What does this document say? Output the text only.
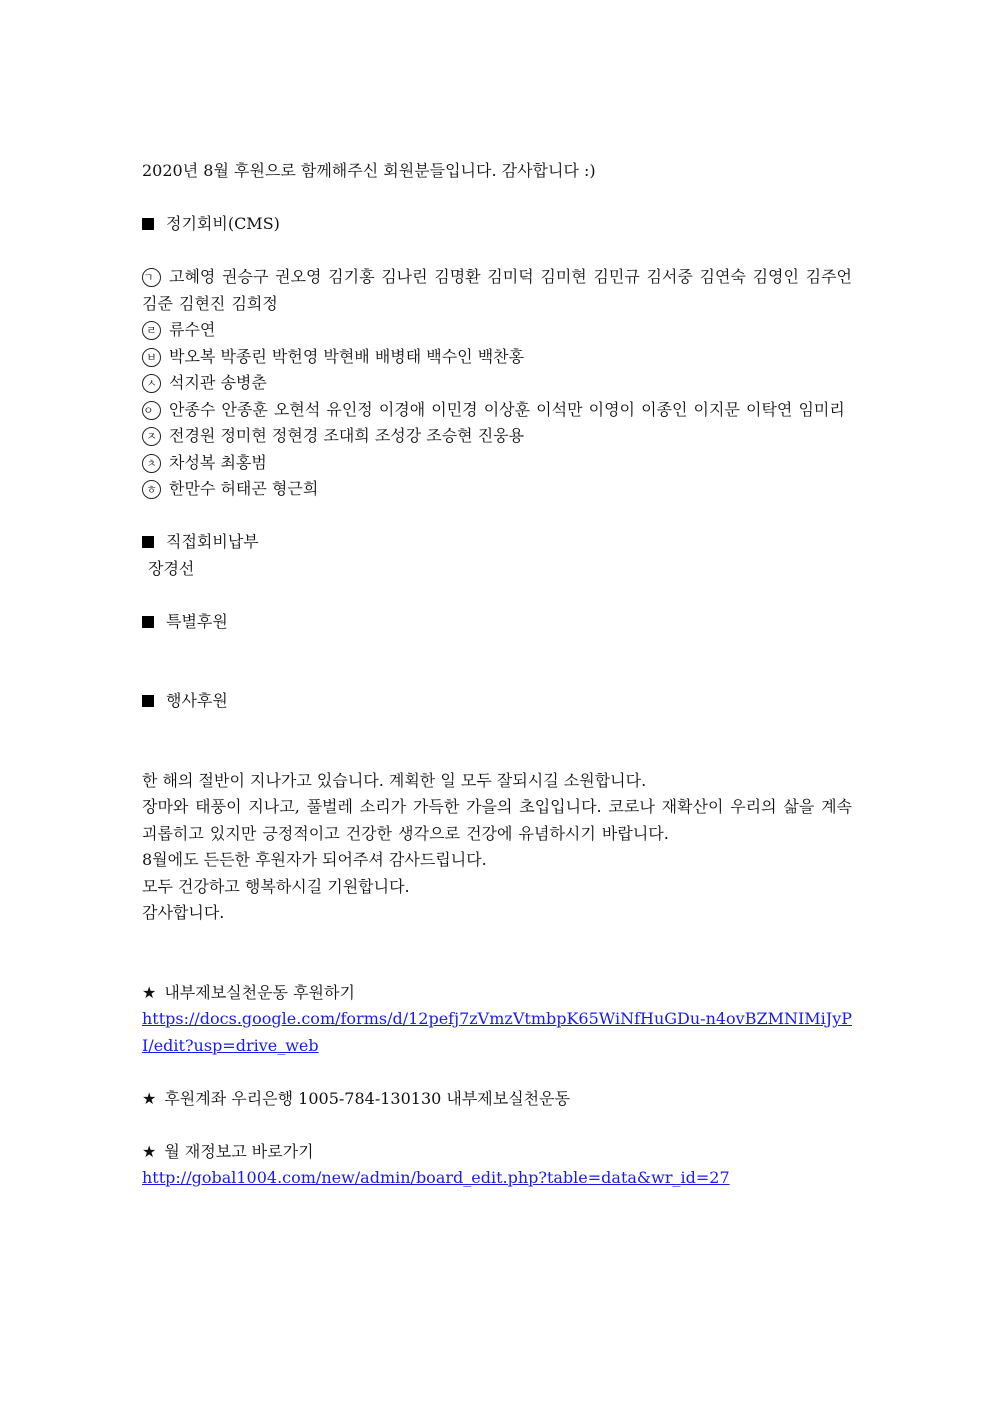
2020년 8월 후원으로 함께해주신 회원분들입니다. 감사합니다 :)
정기회비(CMS)
ㄱ 고혜영 권승구 권오영 김기홍 김나린 김명환 김미덕 김미현 김민규 김서중 김연숙 김영인 김주언 김준 김현진 김희정
ㄹ 류수연
ㅂ 박오복 박종린 박헌영 박현배 배병태 백수인 백찬홍
ㅅ 석지관 송병춘
ㅇ 안종수 안종훈 오현석 유인정 이경애 이민경 이상훈 이석만 이영이 이종인 이지문 이탁연 임미리
ㅈ 전경원 정미현 정현경 조대희 조성강 조승현 진웅용
ㅊ 차성복 최홍범
ㅎ 한만수 허태곤 형근희
직접회비납부
장경선
특별후원
행사후원
한 해의 절반이 지나가고 있습니다. 계획한 일 모두 잘되시길 소원합니다.
장마와 태풍이 지나고, 풀벌레 소리가 가득한 가을의 초입입니다. 코로나 재확산이 우리의 삶을 계속 괴롭히고 있지만 긍정적이고 건강한 생각으로 건강에 유념하시기 바랍니다.
8월에도 든든한 후원자가 되어주셔 감사드립니다.
모두 건강하고 행복하시길 기원합니다.
감사합니다.
★ 내부제보실천운동 후원하기
https://docs.google.com/forms/d/12pefj7zVmzVtmbpK65WiNfHuGDu-n4ovBZMNIMiJyPI/edit?usp=drive_web
★ 후원계좌 우리은행 1005-784-130130 내부제보실천운동
★ 월 재정보고 바로가기
http://gobal1004.com/new/admin/board_edit.php?table=data&wr_id=27
